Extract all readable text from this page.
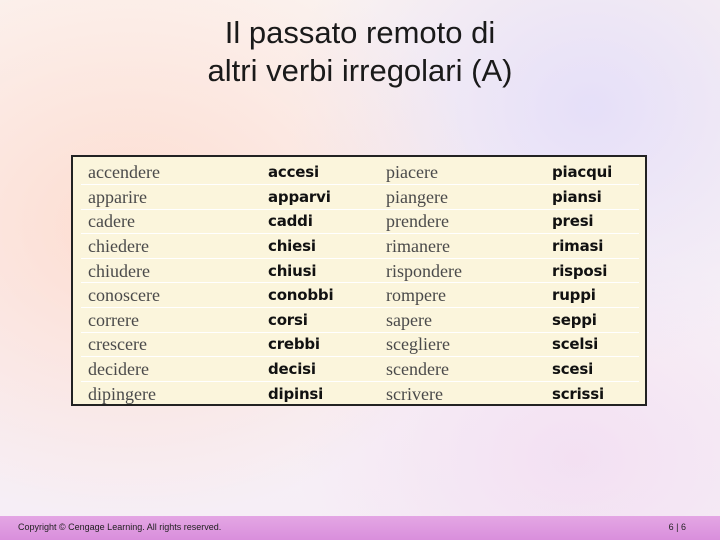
Il passato remoto di
altri verbi irregolari (A)
accendere	accesi	piacere	piacqui
apparire	apparvi	piangere	piansi
cadere	caddi	prendere	presi
chiedere	chiesi	rimanere	rimasi
chiudere	chiusi	rispondere	risposi
conoscere	conobbi	rompere	ruppi
correre	corsi	sapere	seppi
crescere	crebbi	scegliere	scelsi
decidere	decisi	scendere	scesi
dipingere	dipinsi	scrivere	scrissi
Copyright © Cengage Learning. All rights reserved.	6 | 6
